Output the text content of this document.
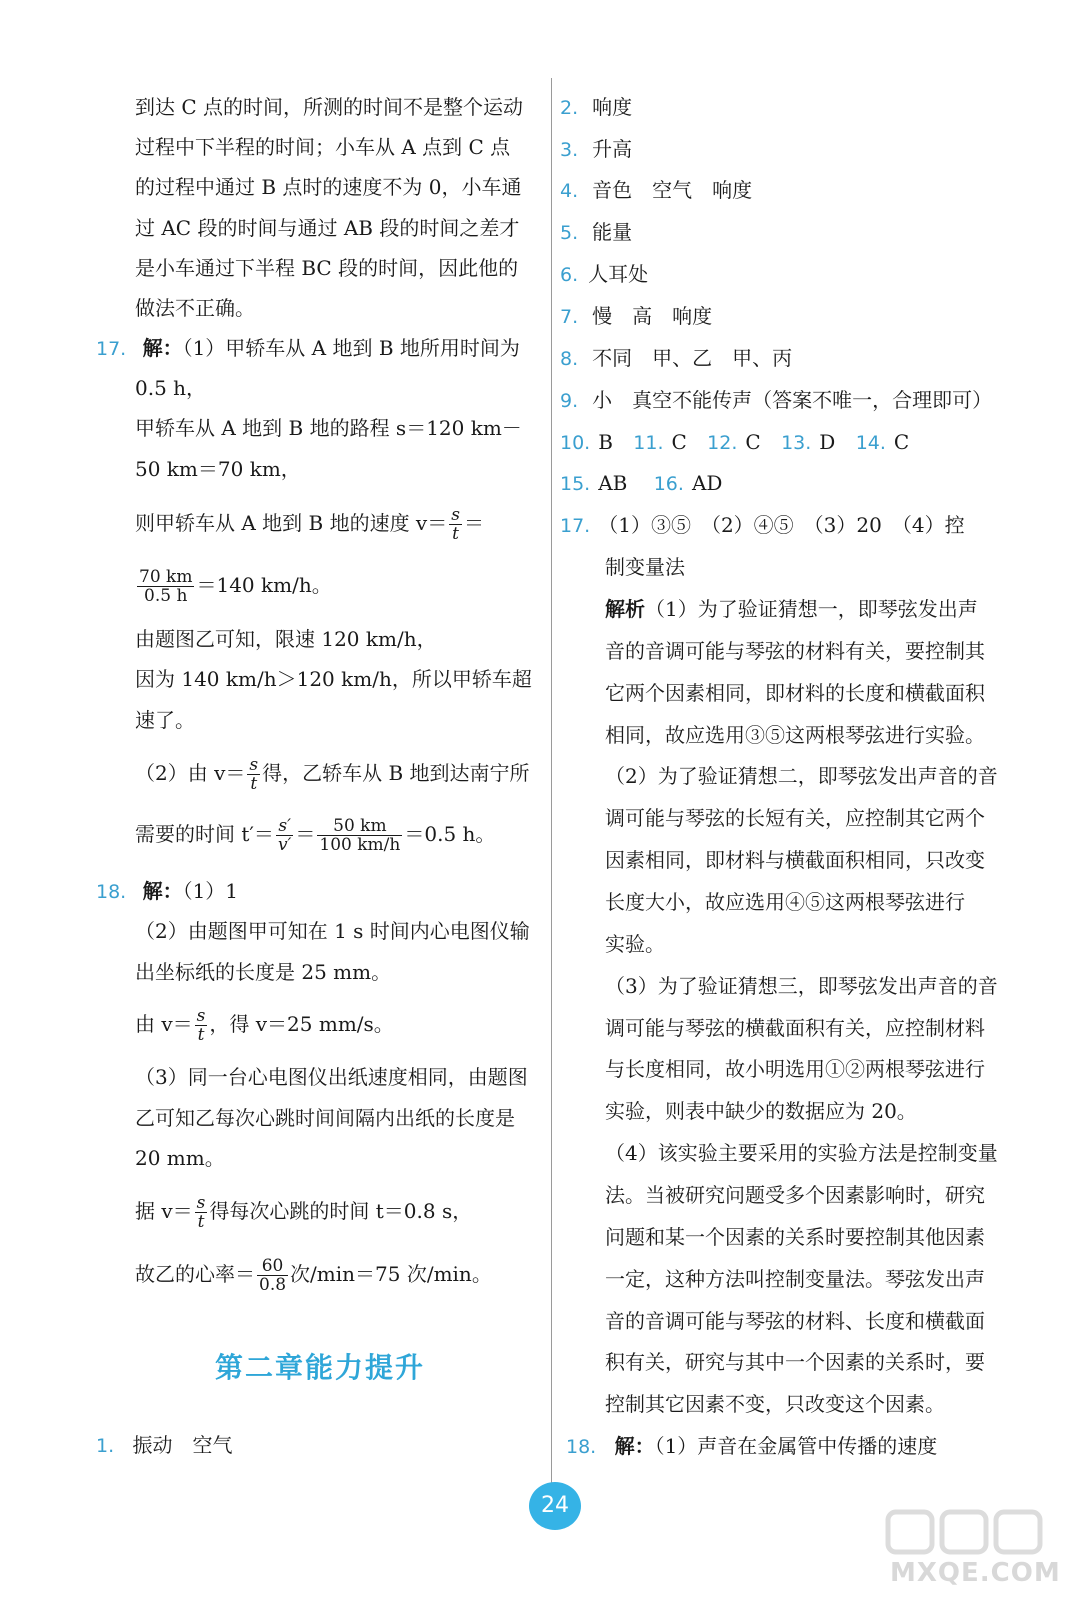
到达 C 点的时间，所测的时间不是整个运动
过程中下半程的时间；小车从 A 点到 C 点
的过程中通过 B 点时的速度不为 0，小车通
过 AC 段的时间与通过 AB 段的时间之差才
是小车通过下半程 BC 段的时间，因此他的
做法不正确。
17. 解：（1）甲轿车从 A 地到 B 地所用时间为
0.5 h，
甲轿车从 A 地到 B 地的路程 s＝120 km－
50 km＝70 km，
则甲轿车从 A 地到 B 地的速度 $v= \frac{s}{t}$ ＝
$\frac{70 km}{0.5 h} =140$ km/h。
由题图乙可知，限速 120 km/h，
因为 140 km/h＞120 km/h，所以甲轿车超
速了。
（2）由 $v= \frac{s}{t}$ 得，乙轿车从 B 地到达南宁所
需要的时间 $t'= \frac{s'}{v'} = \frac{50 km}{100 km/h} =0.5$ h。
18. 解：（1）1
（2）由题图甲可知在 1 s 时间内心电图仪输
出坐标纸的长度是 25 mm。
由 $v= \frac{s}{t}$ ，得 v＝25 mm/s。
（3）同一台心电图仪出纸速度相同，由题图
乙可知乙每次心跳时间间隔内出纸的长度是
20 mm。
据 $v= \frac{s}{t}$ 得每次心跳的时间 t＝0.8 s，
故乙的心率＝ $\frac{60}{0.8}$ 次/min＝75 次/min。
1. 振动　空气
第二章能力提升
2. 响度
3. 升高
4. 音色　空气　响度
5. 能量
6. 人耳处
7. 慢　高　响度
8. 不同　甲、乙　甲、丙
9. 小　真空不能传声（答案不唯一，合理即可）
10. B 11. C 12. C 13. D 14. C
15. AB 16. AD
17. （1）③⑤　（2）④⑤　（3）20　（4）控
制变量法
解析（1）为了验证猜想一，即琴弦发出声
音的音调可能与琴弦的材料有关，要控制其
它两个因素相同，即材料的长度和横截面积
相同，故应选用③⑤这两根琴弦进行实验。
（2）为了验证猜想二，即琴弦发出声音的音
调可能与琴弦的长短有关，应控制其它两个
因素相同，即材料与横截面积相同，只改变
长度大小，故应选用④⑤这两根琴弦进行
实验。
（3）为了验证猜想三，即琴弦发出声音的音
调可能与琴弦的横截面积有关，应控制材料
与长度相同，故小明选用①②两根琴弦进行
实验，则表中缺少的数据应为 20。
（4）该实验主要采用的实验方法是控制变量
法。当被研究问题受多个因素影响时，研究
问题和某一个因素的关系时要控制其他因素
一定，这种方法叫控制变量法。琴弦发出声
音的音调可能与琴弦的材料、长度和横截面
积有关，研究与其中一个因素的关系时，要
控制其它因素不变，只改变这个因素。
18. 解：（1）声音在金属管中传播的速度
24
MXQE.COM
